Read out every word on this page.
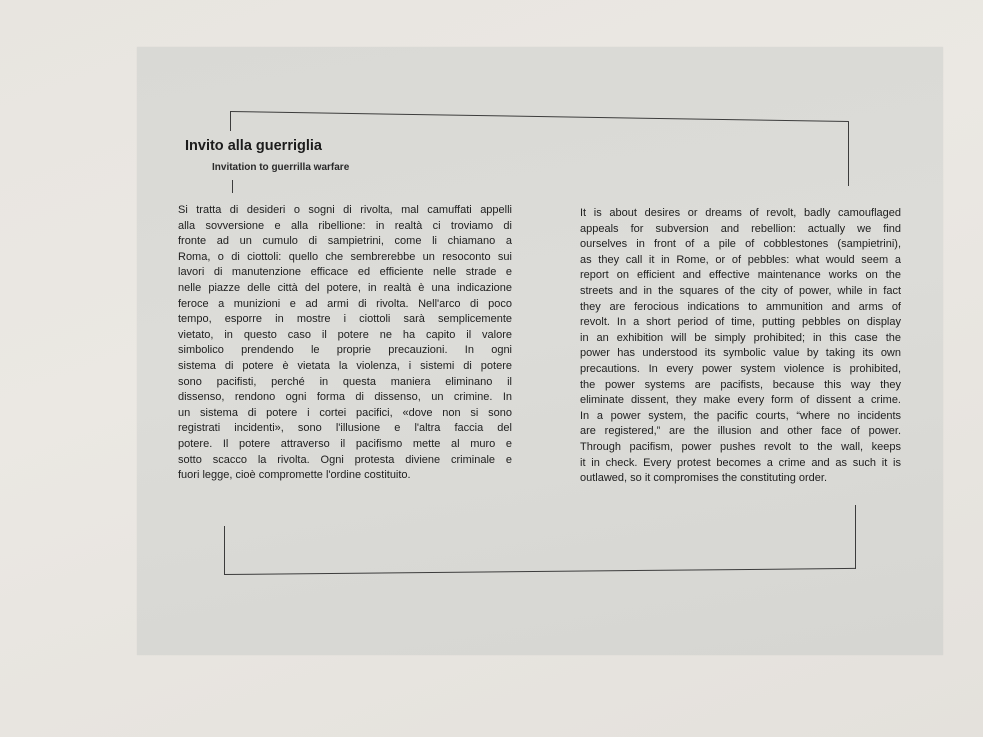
Invito alla guerriglia
Invitation to guerrilla warfare
Si tratta di desideri o sogni di rivolta, mal camuffati appelli
alla sovversione e alla ribellione: in realtà ci troviamo di
fronte ad un cumulo di sampietrini, come li chiamano a
Roma, o di ciottoli: quello che sembrerebbe un resoconto sui
lavori di manutenzione efficace ed efficiente nelle strade e
nelle piazze delle città del potere, in realtà è una indicazione
feroce a munizioni e ad armi di rivolta. Nell'arco di poco
tempo, esporre in mostre i ciottoli sarà semplicemente
vietato, in questo caso il potere ne ha capito il valore
simbolico prendendo le proprie precauzioni. In ogni
sistema di potere è vietata la violenza, i sistemi di potere
sono pacifisti, perché in questa maniera eliminano il
dissenso, rendono ogni forma di dissenso, un crimine. In
un sistema di potere i cortei pacifici, «dove non si sono
registrati incidenti», sono l'illusione e l'altra faccia del
potere. Il potere attraverso il pacifismo mette al muro e
sotto scacco la rivolta. Ogni protesta diviene criminale e
fuori legge, cioè compromette l'ordine costituito.
It is about desires or dreams of revolt, badly camouflaged
appeals for subversion and rebellion: actually we find
ourselves in front of a pile of cobblestones (sampietrini),
as they call it in Rome, or of pebbles: what would seem a
report on efficient and effective maintenance works on the
streets and in the squares of the city of power, while in fact
they are ferocious indications to ammunition and arms of
revolt. In a short period of time, putting pebbles on display
in an exhibition will be simply prohibited; in this case the
power has understood its symbolic value by taking its own
precautions. In every power system violence is prohibited,
the power systems are pacifists, because this way they
eliminate dissent, they make every form of dissent a crime.
In a power system, the pacific courts, “where no incidents
are registered,” are the illusion and other face of power.
Through pacifism, power pushes revolt to the wall, keeps
it in check. Every protest becomes a crime and as such it is
outlawed, so it compromises the constituting order.
